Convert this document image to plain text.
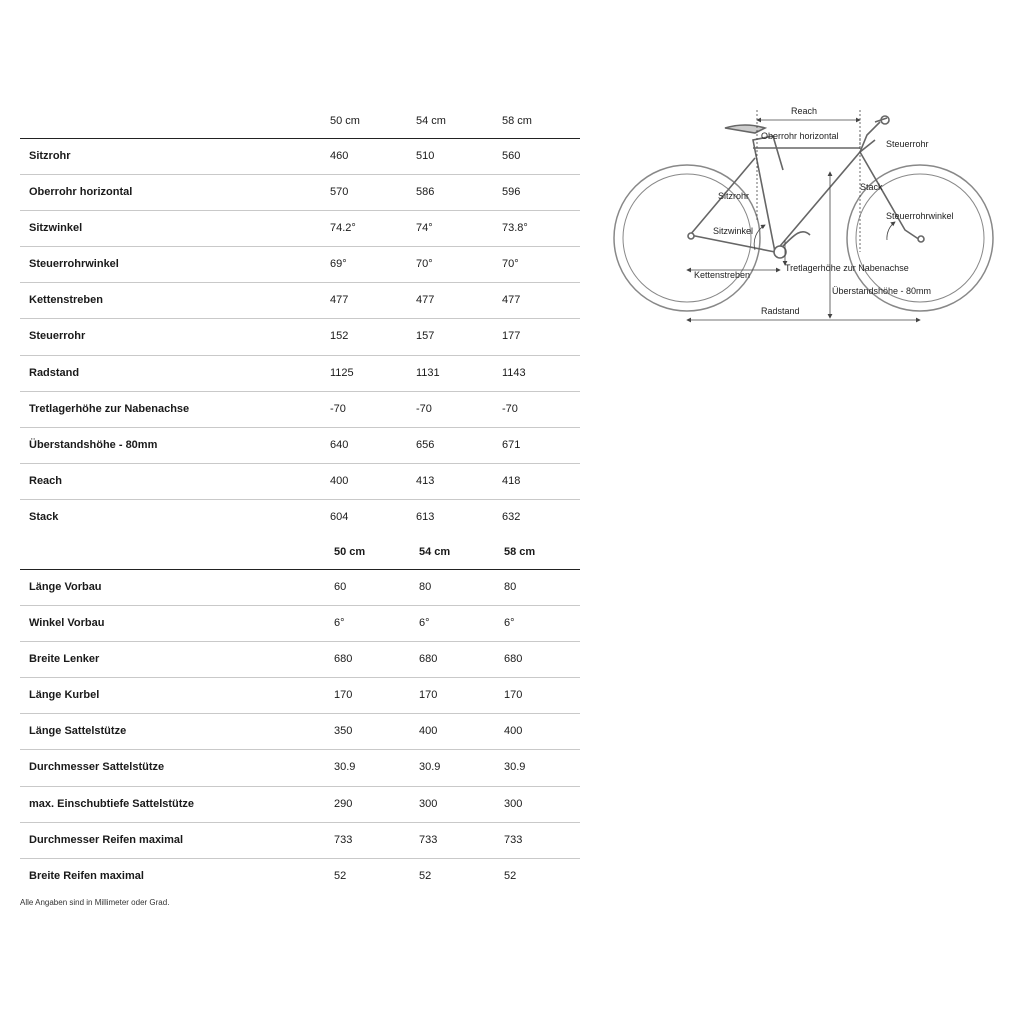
50 cm	54 cm	58 cm
Sitzrohr	460	510	560
Oberrohr horizontal	570	586	596
Sitzwinkel	74.2°	74°	73.8°
Steuerrohrwinkel	69°	70°	70°
Kettenstreben	477	477	477
Steuerrohr	152	157	177
Radstand	1125	1131	1143
Tretlagerhöhe zur Nabenachse	-70	-70	-70
Überstandshöhe - 80mm	640	656	671
Reach	400	413	418
Stack	604	613	632
50 cm	54 cm	58 cm
Länge Vorbau	60	80	80
Winkel Vorbau	6°	6°	6°
Breite Lenker	680	680	680
Länge Kurbel	170	170	170
Länge Sattelstütze	350	400	400
Durchmesser Sattelstütze	30.9	30.9	30.9
max. Einschubtiefe Sattelstütze	290	300	300
Durchmesser Reifen maximal	733	733	733
Breite Reifen maximal	52	52	52
Alle Angaben sind in Millimeter oder Grad.
Reach
Oberrohr horizontal
Steuerrohr
Sitzrohr
Stack
Steuerrohrwinkel
Sitzwinkel
Kettenstreben
Tretlagerhöhe zur Nabenachse
Überstandshöhe - 80mm
Radstand
